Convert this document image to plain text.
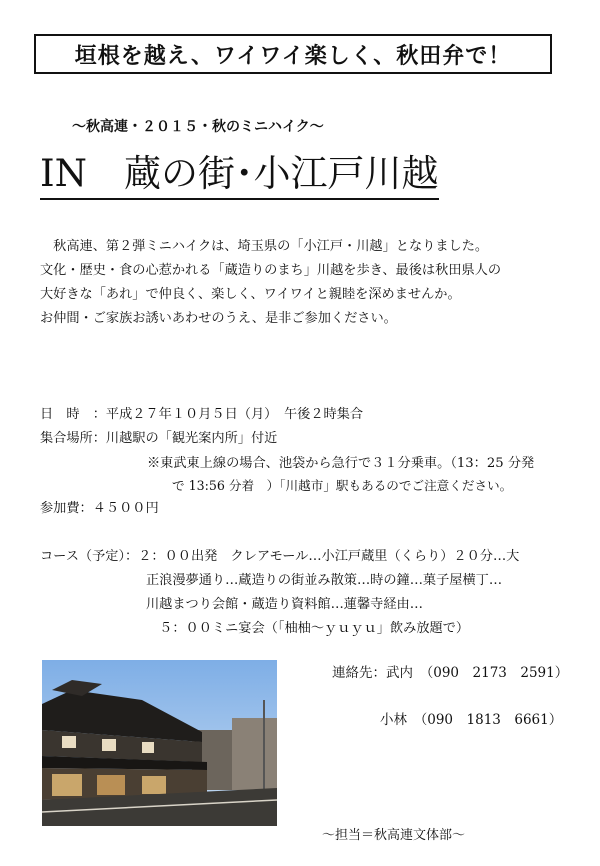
垣根を越え、ワイワイ楽しく、秋田弁で！
〜秋高連・２０１５・秋のミニハイク〜
IN　蔵の街･小江戸川越

　秋高連、第２弾ミニハイクは、埼玉県の「小江戸・川越」となりました。

文化・歴史・食の心惹かれる「蔵造りのまち」川越を歩き、最後は秋田県人の

大好きな「あれ」で仲良く、楽しく、ワイワイと親睦を深めませんか。

お仲間・ご家族お誘いあわせのうえ、是非ご参加ください。

日　時　：平成２７年１０月５日（月）　午後２時集合
集合場所：川越駅の「観光案内所」付近
※東武東上線の場合、池袋から急行で３１分乗車。（13：25 分発
で 13:56 分着　）「川越市」駅もあるのでご注意ください。
参加費：４５００円
コース（予定）：２：００出発　クレアモール…小江戸蔵里（くらり）２０分…大
正浪漫夢通り…蔵造りの街並み散策…時の鐘…菓子屋横丁…
川越まつり会館・蔵造り資料館…蓮馨寺経由…
　５：００ミニ宴会（「柚柚〜ｙｕｙｕ」飲み放題で）
連絡先：武内　（090　2173　2591）
小林　（090　1813　6661）
〜担当＝秋高連文体部〜
